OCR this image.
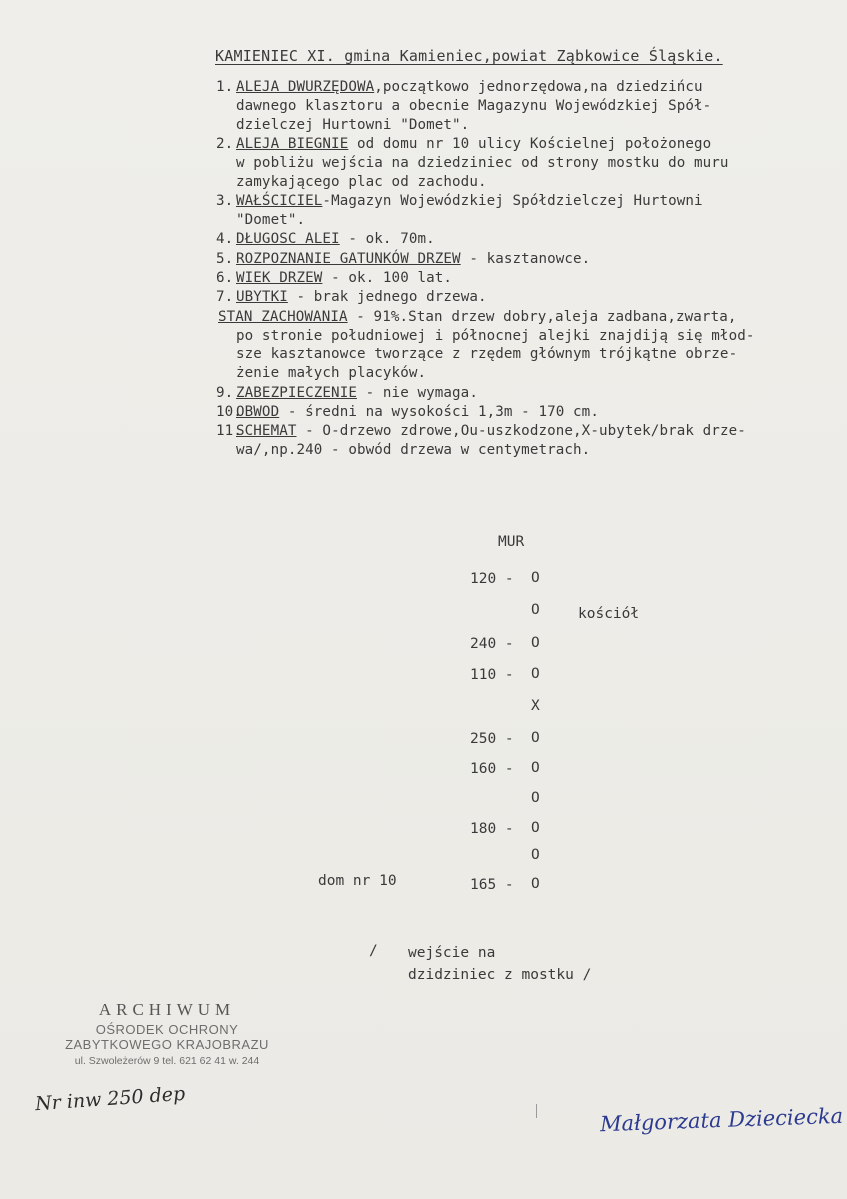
KAMIENIEC XI. gmina Kamieniec,powiat Ząbkowice Śląskie.
1. ALEJA DWURZĘDOWA,początkowo jednorzędowa,na dziedzińcu
dawnego klasztoru a obecnie Magazynu Wojewódzkiej Spół-
dzielczej Hurtowni "Domet".
2. ALEJA BIEGNIE od domu nr 10 ulicy Kościelnej położonego
w pobliżu wejścia na dziedziniec od strony mostku do muru
zamykającego plac od zachodu.
3. WAŁŚCICIEL-Magazyn Wojewódzkiej Spółdzielczej Hurtowni
"Domet".
4. DŁUGOSC ALEI - ok. 70m.
5. ROZPOZNANIE GATUNKÓW DRZEW - kasztanowce.
6. WIEK DRZEW - ok. 100 lat.
7. UBYTKI - brak jednego drzewa.
STAN ZACHOWANIA - 91%.Stan drzew dobry,aleja zadbana,zwarta,
po stronie południowej i północnej alejki znajdiją się młod-
sze kasztanowce tworzące z rzędem głównym trójkątne obrze-
żenie małych placyków.
9. ZABEZPIECZENIE - nie wymaga.
10.
OBWOD - średni na wysokości 1,3m - 170 cm.
11.
SCHEMAT - O-drzewo zdrowe,Ou-uszkodzone,X-ubytek/brak drze-
wa/,np.240 - obwód drzewa w centymetrach.
MUR
kościół
dom nr 10
/ wejście na
dzidziniec z mostku /
120 - O
O
240 - O
110 - O
X
250 - O
160 - O
O
180 - O
O
165 - O
ARCHIWUM
OŚRODEK OCHRONY
ZABYTKOWEGO KRAJOBRAZU
ul. Szwoleżerów 9 tel. 621 62 41 w. 244
Nr inw 250 dep
Małgorzata Dzieciecka
